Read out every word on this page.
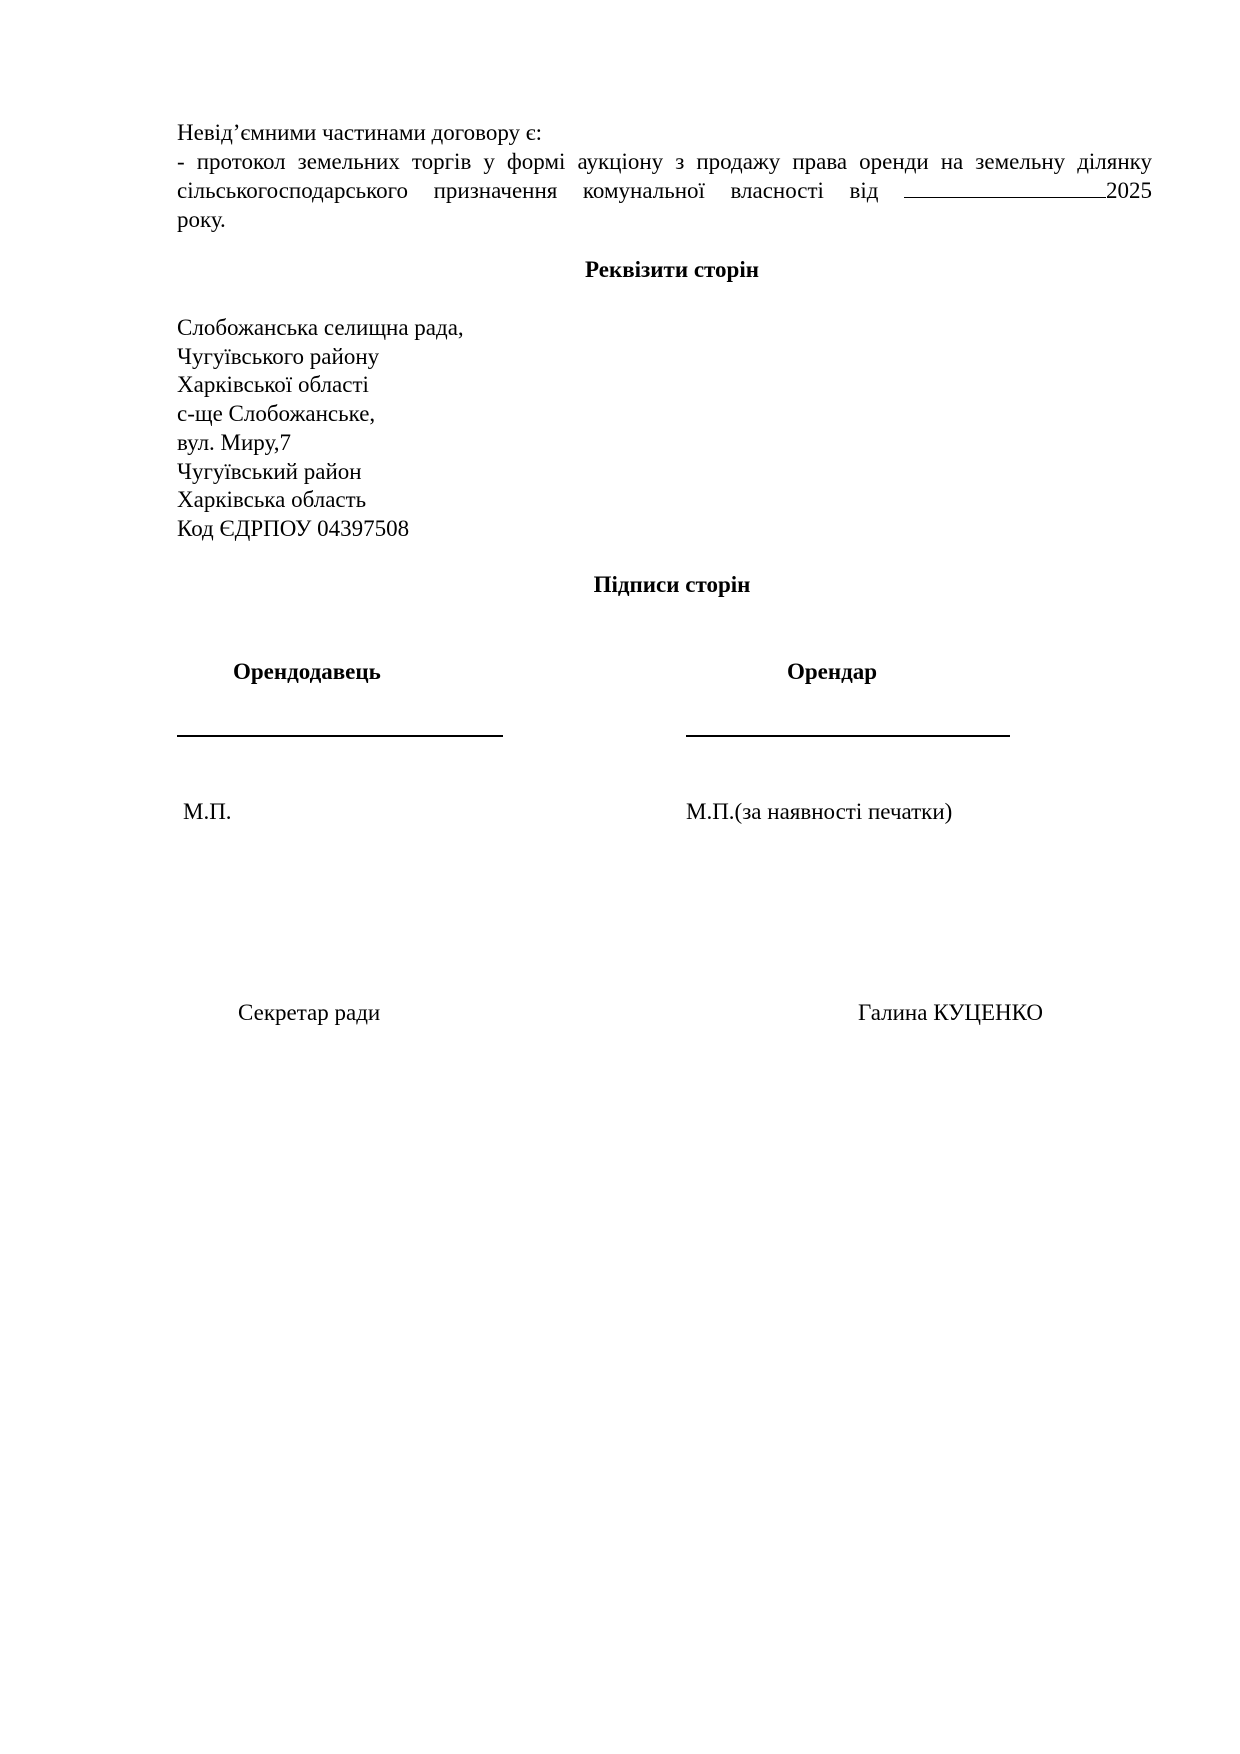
Невід’ємними частинами договору є:
- протокол земельних торгів у формі аукціону з продажу права оренди на земельну ділянку
сільськогосподарського призначення комунальної власності від	2025
року.
Реквізити сторін
Слобожанська селищна рада,
Чугуївського району
Харківської області
с-ще Слобожанське,
вул. Миру,7
Чугуївський район
Харківська область
Код ЄДРПОУ 04397508
Підписи сторін
Орендодавець	Орендар
М.П.	М.П.(за наявності печатки)
Секретар ради	Галина КУЦЕНКО
